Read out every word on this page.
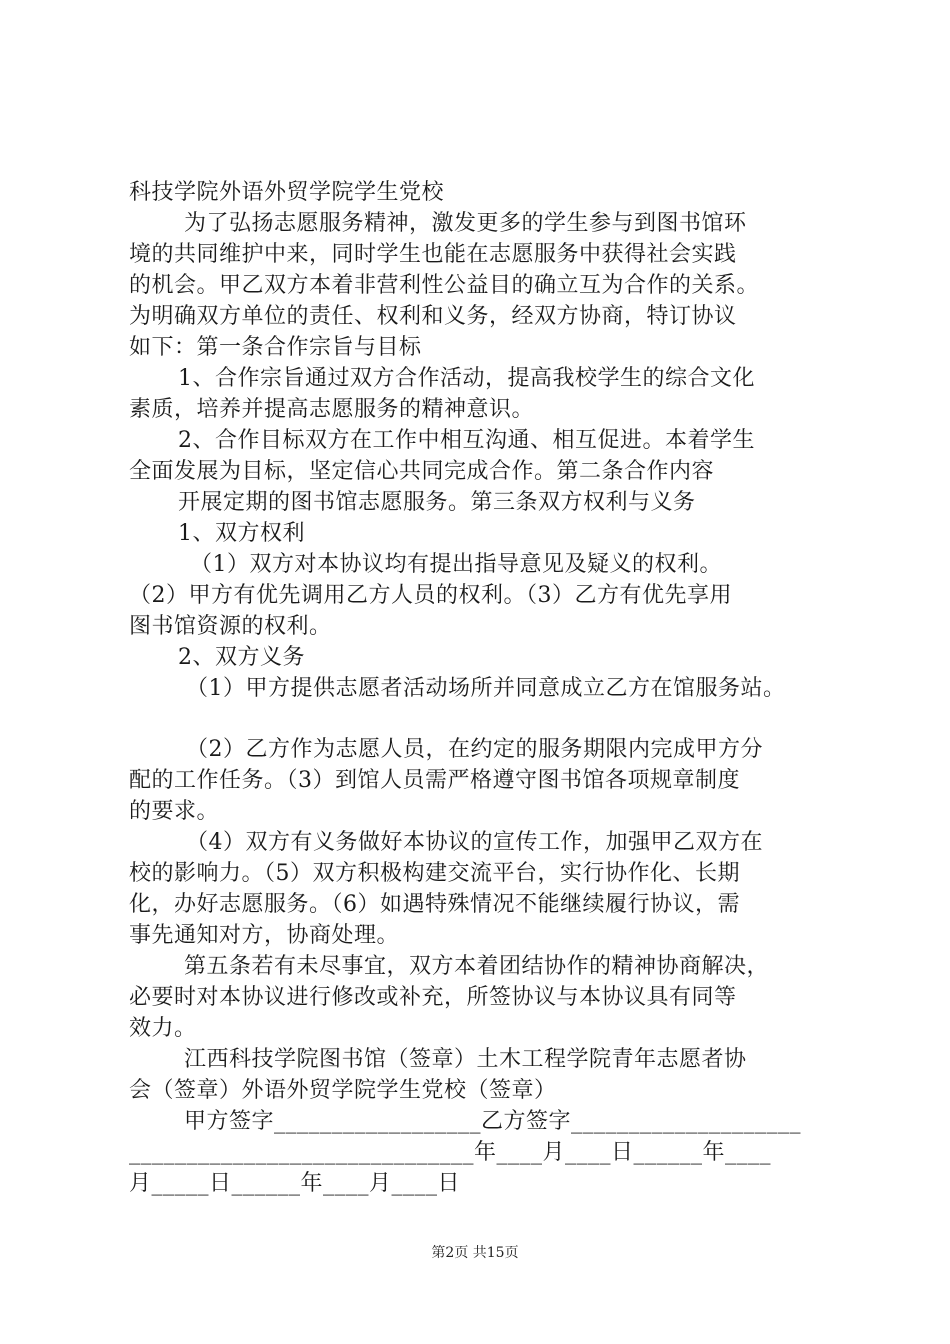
科技学院外语外贸学院学生党校
为了弘扬志愿服务精神，激发更多的学生参与到图书馆环
境的共同维护中来，同时学生也能在志愿服务中获得社会实践
的机会。甲乙双方本着非营利性公益目的确立互为合作的关系。
为明确双方单位的责任、权利和义务，经双方协商，特订协议
如下：第一条合作宗旨与目标
1、合作宗旨通过双方合作活动，提高我校学生的综合文化
素质，培养并提高志愿服务的精神意识。
2、合作目标双方在工作中相互沟通、相互促进。本着学生
全面发展为目标，坚定信心共同完成合作。第二条合作内容
开展定期的图书馆志愿服务。第三条双方权利与义务
1、双方权利
（1）双方对本协议均有提出指导意见及疑义的权利。
（2）甲方有优先调用乙方人员的权利。（3）乙方有优先享用
图书馆资源的权利。
2、双方义务
（1）甲方提供志愿者活动场所并同意成立乙方在馆服务站。
（2）乙方作为志愿人员，在约定的服务期限内完成甲方分
配的工作任务。（3）到馆人员需严格遵守图书馆各项规章制度
的要求。
（4）双方有义务做好本协议的宣传工作，加强甲乙双方在
校的影响力。（5）双方积极构建交流平台，实行协作化、长期
化，办好志愿服务。（6）如遇特殊情况不能继续履行协议，需
事先通知对方，协商处理。
第五条若有未尽事宜，双方本着团结协作的精神协商解决，
必要时对本协议进行修改或补充，所签协议与本协议具有同等
效力。
江西科技学院图书馆（签章）土木工程学院青年志愿者协
会（签章）外语外贸学院学生党校（签章）
甲方签字__________________乙方签字____________________
______________________________年____月____日______年____
月_____日______年____月____日
第2页 共15页
